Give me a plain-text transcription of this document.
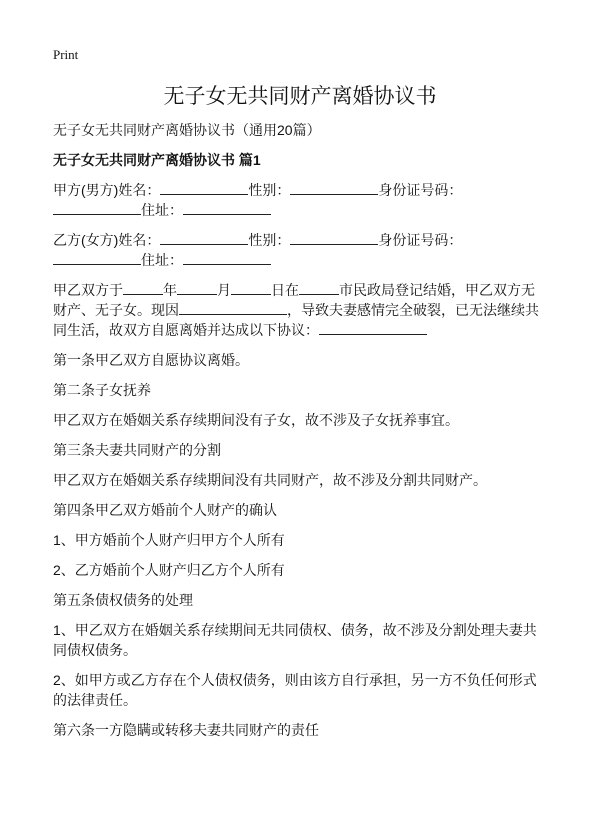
Print
无子女无共同财产离婚协议书

无子女无共同财产离婚协议书（通用20篇）

无子女无共同财产离婚协议书 篇1

甲方(男方)姓名：	性别：	身份证号码： 住址：

乙方(女方)姓名：	性别：	身份证号码： 住址：

甲乙双方于	年	月	日在	市民政局登记结婚，甲乙双方无财产、无子女。现因	，导致夫妻感情完全破裂，已无法继续共同生活，故双方自愿离婚并达成以下协议：

第一条甲乙双方自愿协议离婚。

第二条子女抚养

甲乙双方在婚姻关系存续期间没有子女，故不涉及子女抚养事宜。

第三条夫妻共同财产的分割

甲乙双方在婚姻关系存续期间没有共同财产，故不涉及分割共同财产。

第四条甲乙双方婚前个人财产的确认

1、甲方婚前个人财产归甲方个人所有

2、乙方婚前个人财产归乙方个人所有

第五条债权债务的处理

1、甲乙双方在婚姻关系存续期间无共同债权、债务，故不涉及分割处理夫妻共同债权债务。

2、如甲方或乙方存在个人债权债务，则由该方自行承担，另一方不负任何形式的法律责任。

第六条一方隐瞒或转移夫妻共同财产的责任
